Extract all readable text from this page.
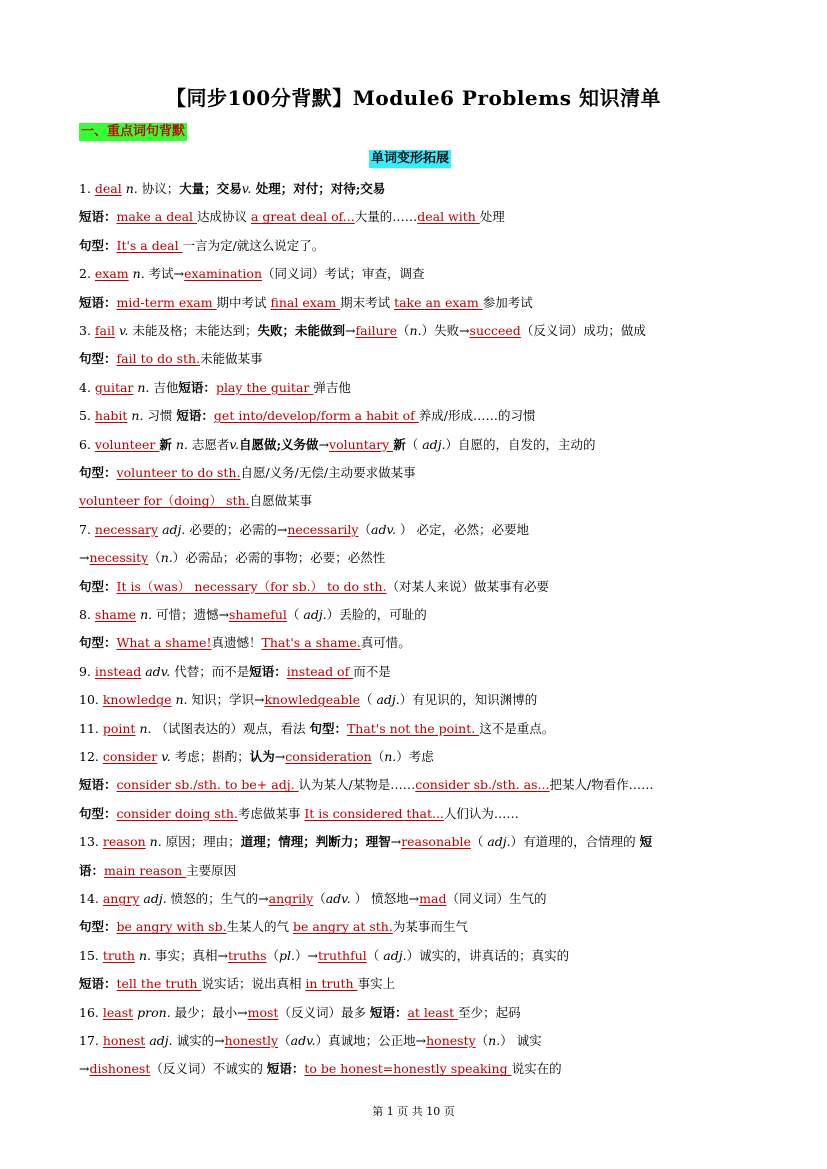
【同步100分背默】Module6 Problems 知识清单
一、重点词句背默
单词变形拓展
1. deal n. 协议；大量；交易v. 处理；对付；对待;交易
短语：make a deal 达成协议 a great deal of...大量的……deal with 处理
句型：It's a deal 一言为定/就这么说定了。
2. exam n. 考试→examination（同义词）考试；审查，调查
短语：mid-term exam 期中考试 final exam 期末考试 take an exam 参加考试
3. fail v. 未能及格；未能达到；失败；未能做到→failure（n.）失败→succeed（反义词）成功；做成
句型：fail to do sth.未能做某事
4. guitar n. 吉他短语：play the guitar 弹吉他
5. habit n. 习惯 短语：get into/develop/form a habit of 养成/形成……的习惯
6. volunteer 新 n. 志愿者v.自愿做;义务做→voluntary 新（ adj.）自愿的，自发的，主动的
句型：volunteer to do sth.自愿/义务/无偿/主动要求做某事
volunteer for（doing） sth.自愿做某事
7. necessary adj. 必要的；必需的→necessarily（adv. ） 必定，必然；必要地
→necessity（n.）必需品；必需的事物；必要；必然性
句型：It is（was） necessary（for sb.） to do sth.（对某人来说）做某事有必要
8. shame n. 可惜；遗憾→shameful（ adj.）丢脸的，可耻的
句型：What a shame!真遗憾！That's a shame.真可惜。
9. instead adv. 代替；而不是短语：instead of 而不是
10. knowledge n. 知识；学识→knowledgeable（ adj.）有见识的，知识渊博的
11. point n. （试图表达的）观点，看法 句型：That's not the point. 这不是重点。
12. consider v. 考虑；斟酌；认为→consideration（n.）考虑
短语：consider sb./sth. to be+ adj. 认为某人/某物是……consider sb./sth. as...把某人/物看作……
句型：consider doing sth.考虑做某事 It is considered that...人们认为……
13. reason n. 原因；理由；道理；情理；判断力；理智→reasonable（ adj.）有道理的，合情理的 短
语：main reason 主要原因
14. angry adj. 愤怒的；生气的→angrily（adv. ） 愤怒地→mad（同义词）生气的
句型：be angry with sb.生某人的气 be angry at sth.为某事而生气
15. truth n. 事实；真相→truths（pl.）→truthful（ adj.）诚实的，讲真话的；真实的
短语：tell the truth 说实话；说出真相 in truth 事实上
16. least pron. 最少；最小→most（反义词）最多 短语：at least 至少；起码
17. honest adj. 诚实的→honestly（adv.）真诚地；公正地→honesty（n.） 诚实
→dishonest（反义词）不诚实的 短语：to be honest=honestly speaking 说实在的
第 1 页 共 10 页
